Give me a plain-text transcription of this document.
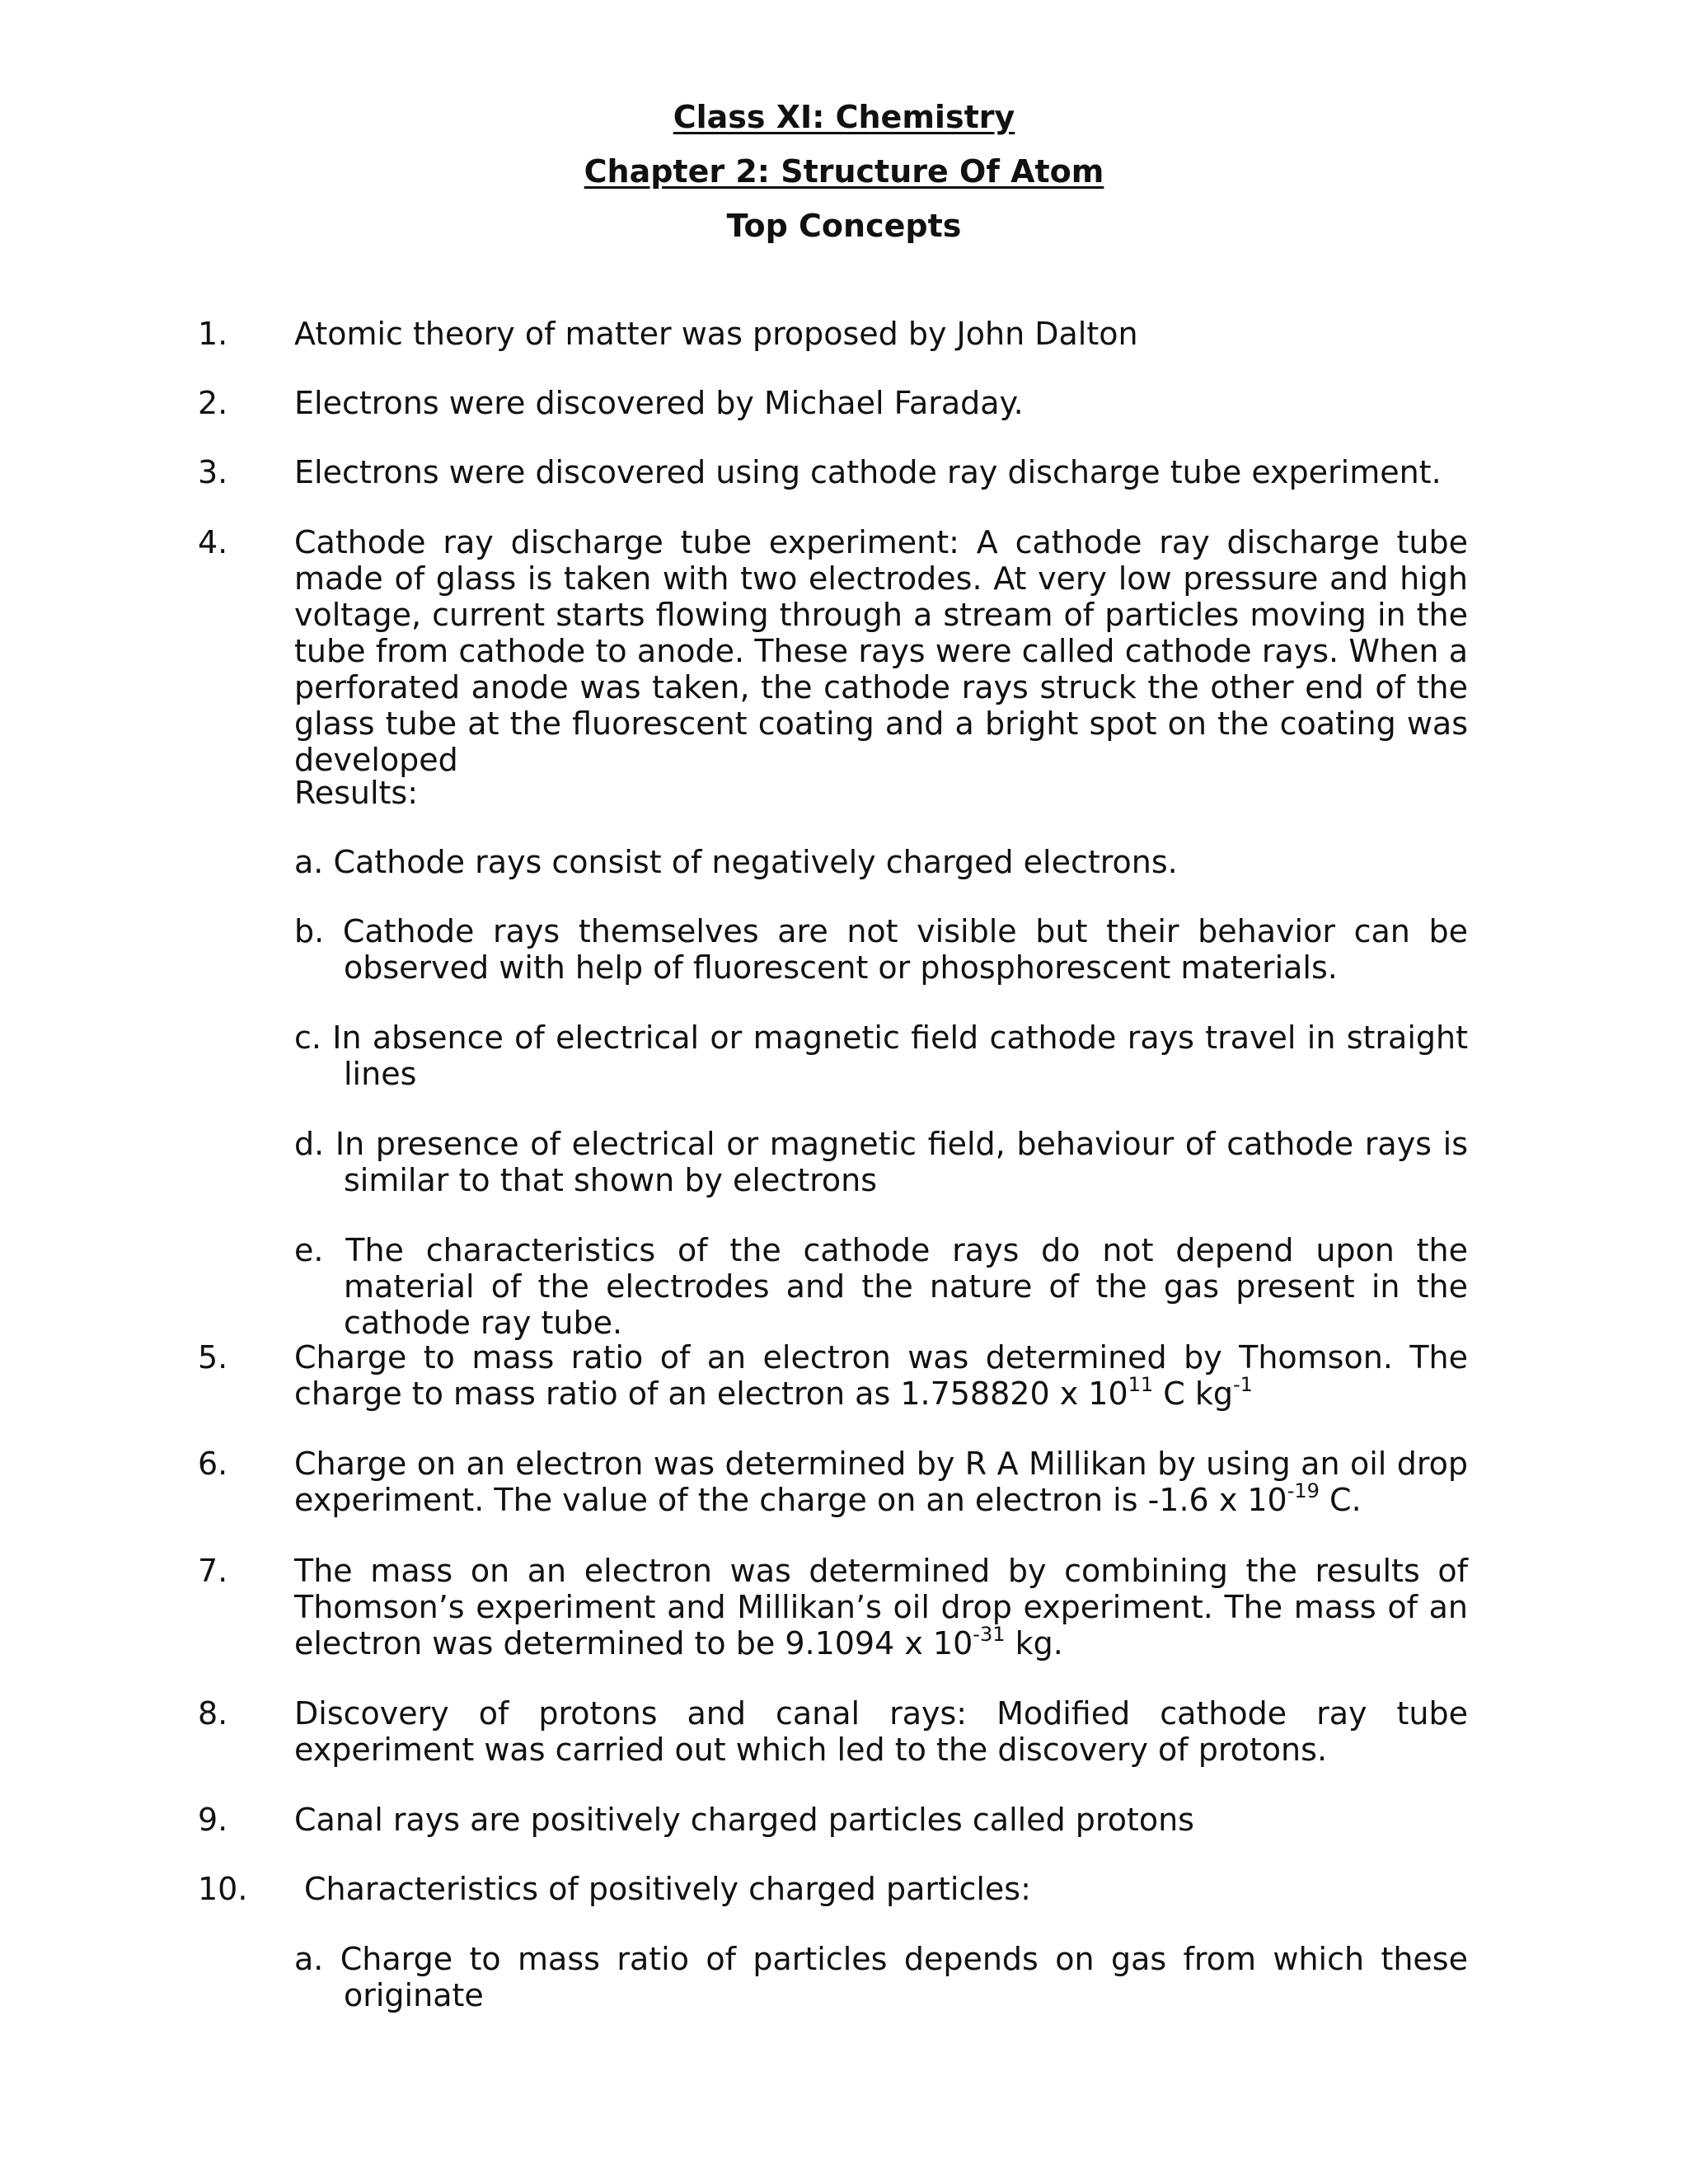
Class XI: Chemistry
Chapter 2: Structure Of Atom
Top Concepts

1. Atomic theory of matter was proposed by John Dalton

2. Electrons were discovered by Michael Faraday.

3. Electrons were discovered using cathode ray discharge tube experiment.

4. Cathode ray discharge tube experiment: A cathode ray discharge tube made of glass is taken with two electrodes. At very low pressure and high voltage, current starts flowing through a stream of particles moving in the tube from cathode to anode. These rays were called cathode rays. When a perforated anode was taken, the cathode rays struck the other end of the glass tube at the fluorescent coating and a bright spot on the coating was developed

Results:

a. Cathode rays consist of negatively charged electrons.

b. Cathode rays themselves are not visible but their behavior can be observed with help of fluorescent or phosphorescent materials.

c. In absence of electrical or magnetic field cathode rays travel in straight lines

d. In presence of electrical or magnetic field, behaviour of cathode rays is similar to that shown by electrons

e. The characteristics of the cathode rays do not depend upon the material of the electrodes and the nature of the gas present in the cathode ray tube.

5. Charge to mass ratio of an electron was determined by Thomson. The charge to mass ratio of an electron as 1.758820 x $10^{11}$ C $kg^{-1}$

6. Charge on an electron was determined by R A Millikan by using an oil drop experiment. The value of the charge on an electron is -1.6 x $10^{-19}$ C.

7. The mass on an electron was determined by combining the results of Thomson’s experiment and Millikan’s oil drop experiment. The mass of an electron was determined to be 9.1094 x $10^{-31}$ kg.

8. Discovery of protons and canal rays: Modified cathode ray tube experiment was carried out which led to the discovery of protons.

9. Canal rays are positively charged particles called protons

10. Characteristics of positively charged particles:

a. Charge to mass ratio of particles depends on gas from which these originate
